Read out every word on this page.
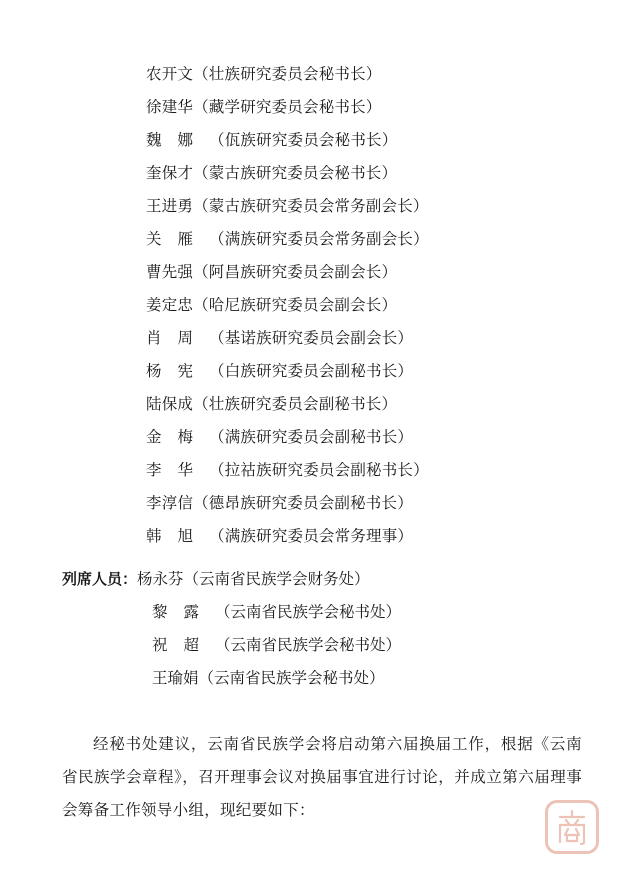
农开文（壮族研究委员会秘书长）
徐建华（藏学研究委员会秘书长）
魏娜（佤族研究委员会秘书长）
奎保才（蒙古族研究委员会秘书长）
王进勇（蒙古族研究委员会常务副会长）
关雁（满族研究委员会常务副会长）
曹先强（阿昌族研究委员会副会长）
姜定忠（哈尼族研究委员会副会长）
肖周（基诺族研究委员会副会长）
杨宪（白族研究委员会副秘书长）
陆保成（壮族研究委员会副秘书长）
金梅（满族研究委员会副秘书长）
李华（拉祜族研究委员会副秘书长）
李淳信（德昂族研究委员会副秘书长）
韩旭（满族研究委员会常务理事）
列席人员：杨永芬（云南省民族学会财务处）
黎露（云南省民族学会秘书处）
祝超（云南省民族学会秘书处）
王瑜娟（云南省民族学会秘书处）
经秘书处建议，云南省民族学会将启动第六届换届工作，根据《云南省民族学会章程》，召开理事会议对换届事宜进行讨论，并成立第六届理事会筹备工作领导小组，现纪要如下：
